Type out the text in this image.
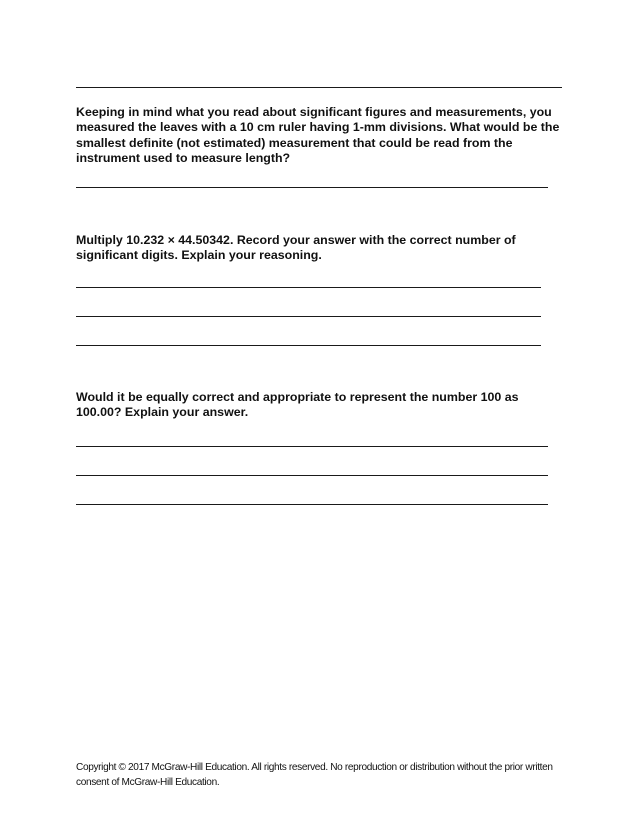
Keeping in mind what you read about significant figures and measurements, you measured the leaves with a 10 cm ruler having 1-mm divisions. What would be the smallest definite (not estimated) measurement that could be read from the instrument used to measure length?

Multiply 10.232 × 44.50342. Record your answer with the correct number of significant digits. Explain your reasoning.

Would it be equally correct and appropriate to represent the number 100 as 100.00? Explain your answer.

Copyright © 2017 McGraw-Hill Education. All rights reserved. No reproduction or distribution without the prior written consent of McGraw-Hill Education.
